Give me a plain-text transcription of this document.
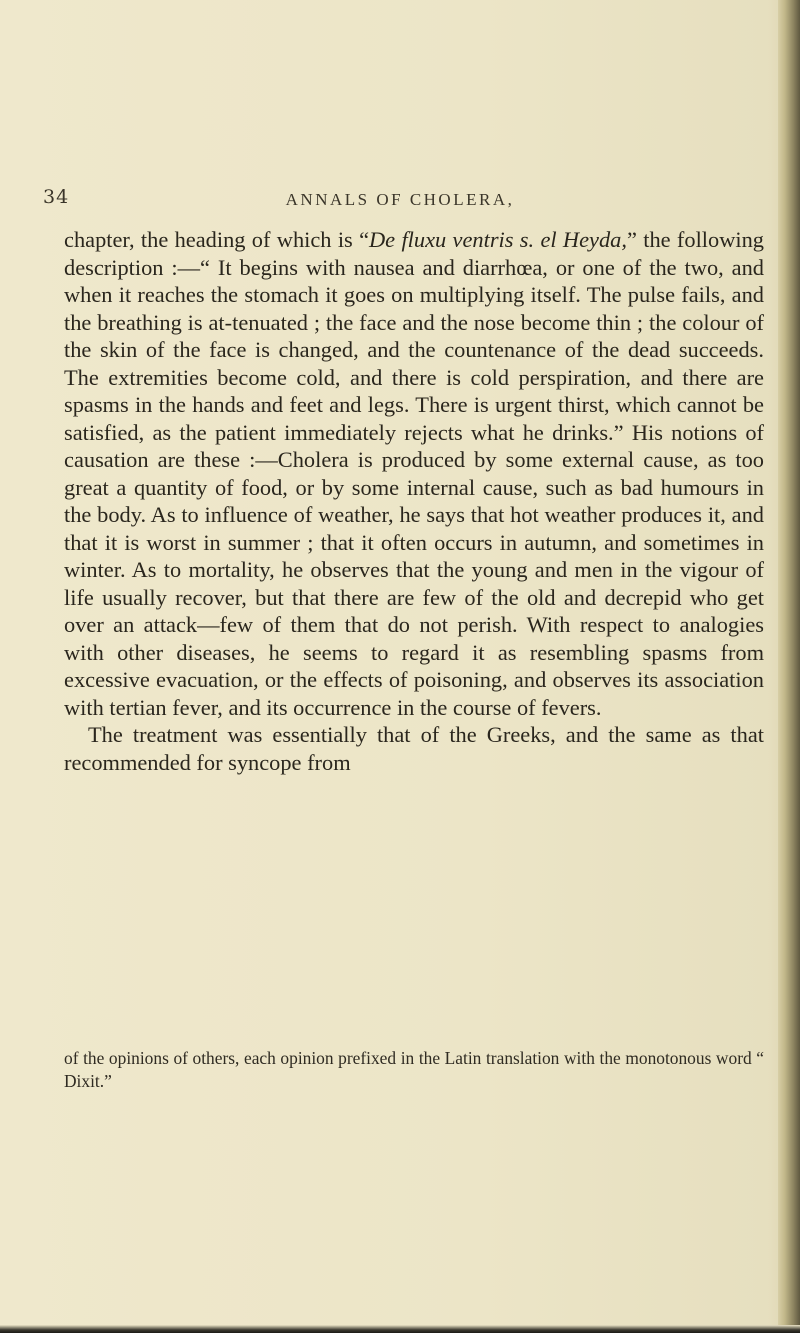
34	ANNALS OF CHOLERA,

chapter, the heading of which is “De fluxu ventris s. el Heyda,” the following description :—“ It begins with nausea and diarrhœa, or one of the two, and when it reaches the stomach it goes on multiplying itself. The pulse fails, and the breathing is at-tenuated ; the face and the nose become thin ; the colour of the skin of the face is changed, and the countenance of the dead succeeds. The extremities become cold, and there is cold perspiration, and there are spasms in the hands and feet and legs. There is urgent thirst, which cannot be satisfied, as the patient immediately rejects what he drinks.” His notions of causation are these :—Cholera is produced by some external cause, as too great a quantity of food, or by some internal cause, such as bad humours in the body. As to influence of weather, he says that hot weather produces it, and that it is worst in summer ; that it often occurs in autumn, and sometimes in winter. As to mortality, he observes that the young and men in the vigour of life usually recover, but that there are few of the old and decrepid who get over an attack—few of them that do not perish. With respect to analogies with other diseases, he seems to regard it as resembling spasms from excessive evacuation, or the effects of poisoning, and observes its association with tertian fever, and its occurrence in the course of fevers.

The treatment was essentially that of the Greeks, and the same as that recommended for syncope from

of the opinions of others, each opinion prefixed in the Latin translation with the monotonous word “ Dixit.”
